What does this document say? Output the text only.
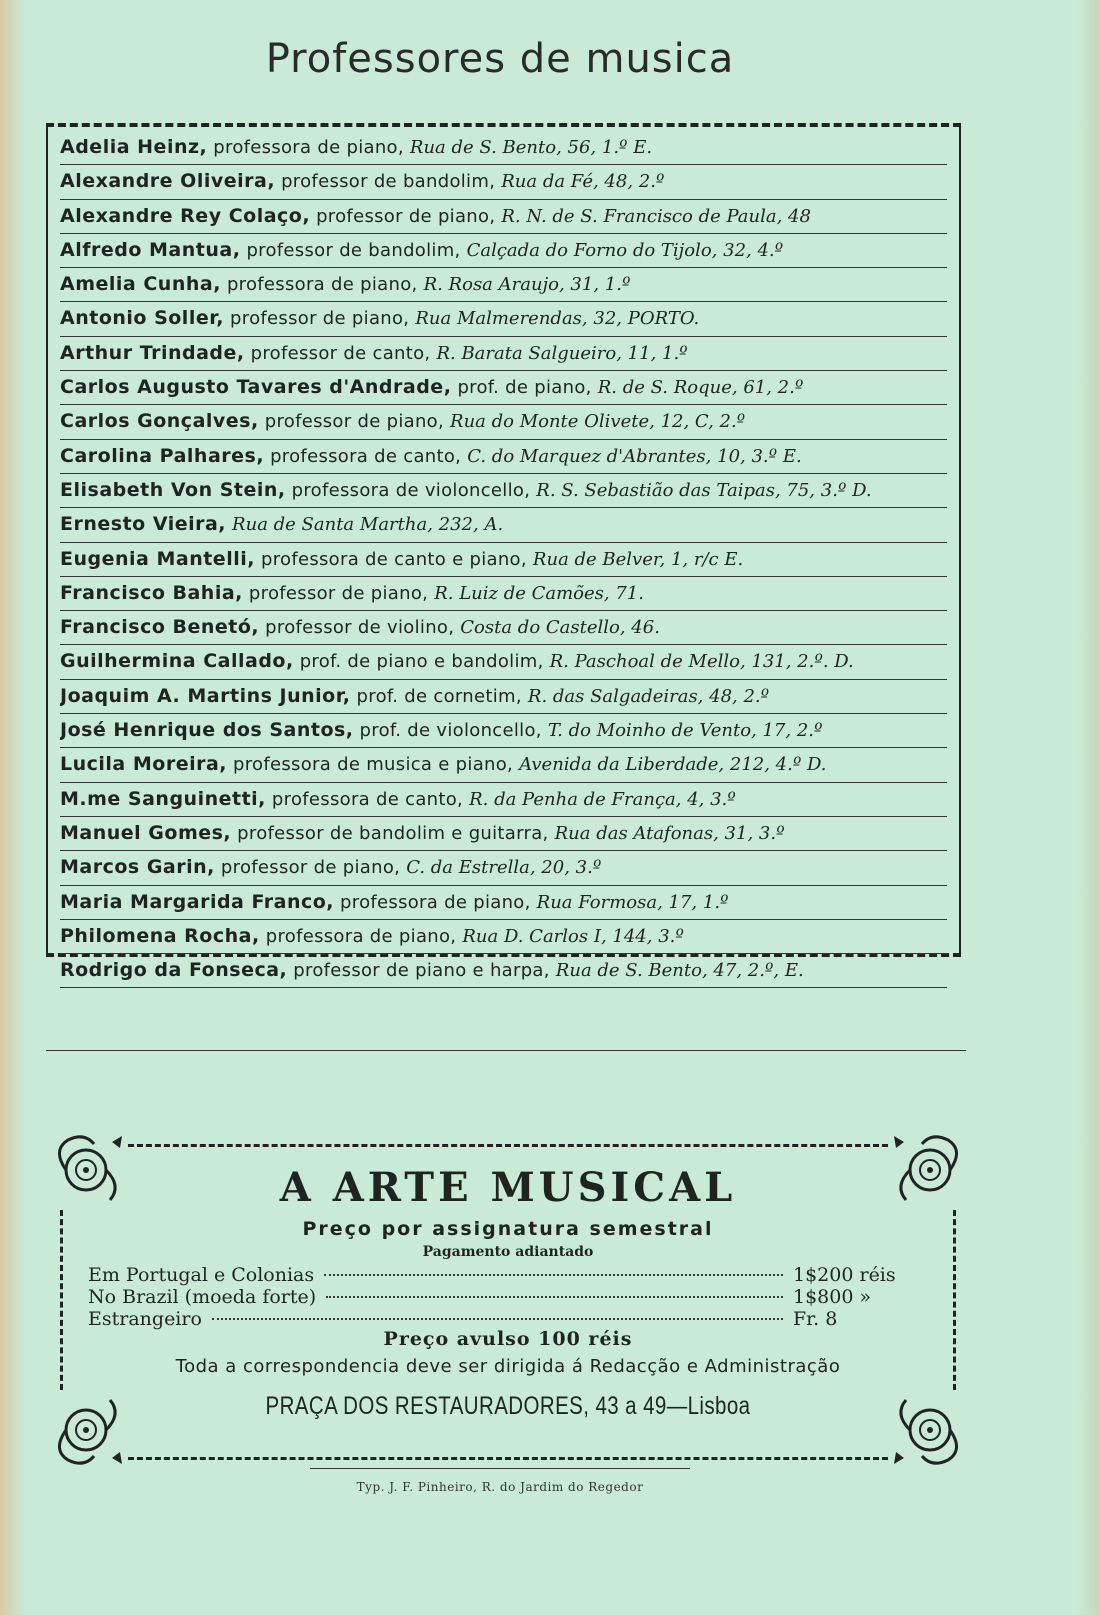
Professores de musica
Adelia Heinz, professora de piano, Rua de S. Bento, 56, 1.º E.
Alexandre Oliveira, professor de bandolim, Rua da Fé, 48, 2.º
Alexandre Rey Colaço, professor de piano, R. N. de S. Francisco de Paula, 48
Alfredo Mantua, professor de bandolim, Calçada do Forno do Tijolo, 32, 4.º
Amelia Cunha, professora de piano, R. Rosa Araujo, 31, 1.º
Antonio Soller, professor de piano, Rua Malmerendas, 32, PORTO.
Arthur Trindade, professor de canto, R. Barata Salgueiro, 11, 1.º
Carlos Augusto Tavares d'Andrade, prof. de piano, R. de S. Roque, 61, 2.º
Carlos Gonçalves, professor de piano, Rua do Monte Olivete, 12, C, 2.º
Carolina Palhares, professora de canto, C. do Marquez d'Abrantes, 10, 3.º E.
Elisabeth Von Stein, professora de violoncello, R. S. Sebastião das Taipas, 75, 3.º D.
Ernesto Vieira, Rua de Santa Martha, 232, A.
Eugenia Mantelli, professora de canto e piano, Rua de Belver, 1, r/c E.
Francisco Bahia, professor de piano, R. Luiz de Camões, 71.
Francisco Benetó, professor de violino, Costa do Castello, 46.
Guilhermina Callado, prof. de piano e bandolim, R. Paschoal de Mello, 131, 2.º. D.
Joaquim A. Martins Junior, prof. de cornetim, R. das Salgadeiras, 48, 2.º
José Henrique dos Santos, prof. de violoncello, T. do Moinho de Vento, 17, 2.º
Lucila Moreira, professora de musica e piano, Avenida da Liberdade, 212, 4.º D.
M.me Sanguinetti, professora de canto, R. da Penha de França, 4, 3.º
Manuel Gomes, professor de bandolim e guitarra, Rua das Atafonas, 31, 3.º
Marcos Garin, professor de piano, C. da Estrella, 20, 3.º
Maria Margarida Franco, professora de piano, Rua Formosa, 17, 1.º
Philomena Rocha, professora de piano, Rua D. Carlos I, 144, 3.º
Rodrigo da Fonseca, professor de piano e harpa, Rua de S. Bento, 47, 2.º, E.
A ARTE MUSICAL
Preço por assignatura semestral
Pagamento adiantado
Em Portugal e Colonias	1$200 réis
No Brazil (moeda forte)	1$800 »
Estrangeiro	Fr. 8
Preço avulso 100 réis
Toda a correspondencia deve ser dirigida á Redacção e Administração
PRAÇA DOS RESTAURADORES, 43 a 49—Lisboa
Typ. J. F. Pinheiro, R. do Jardim do Regedor
